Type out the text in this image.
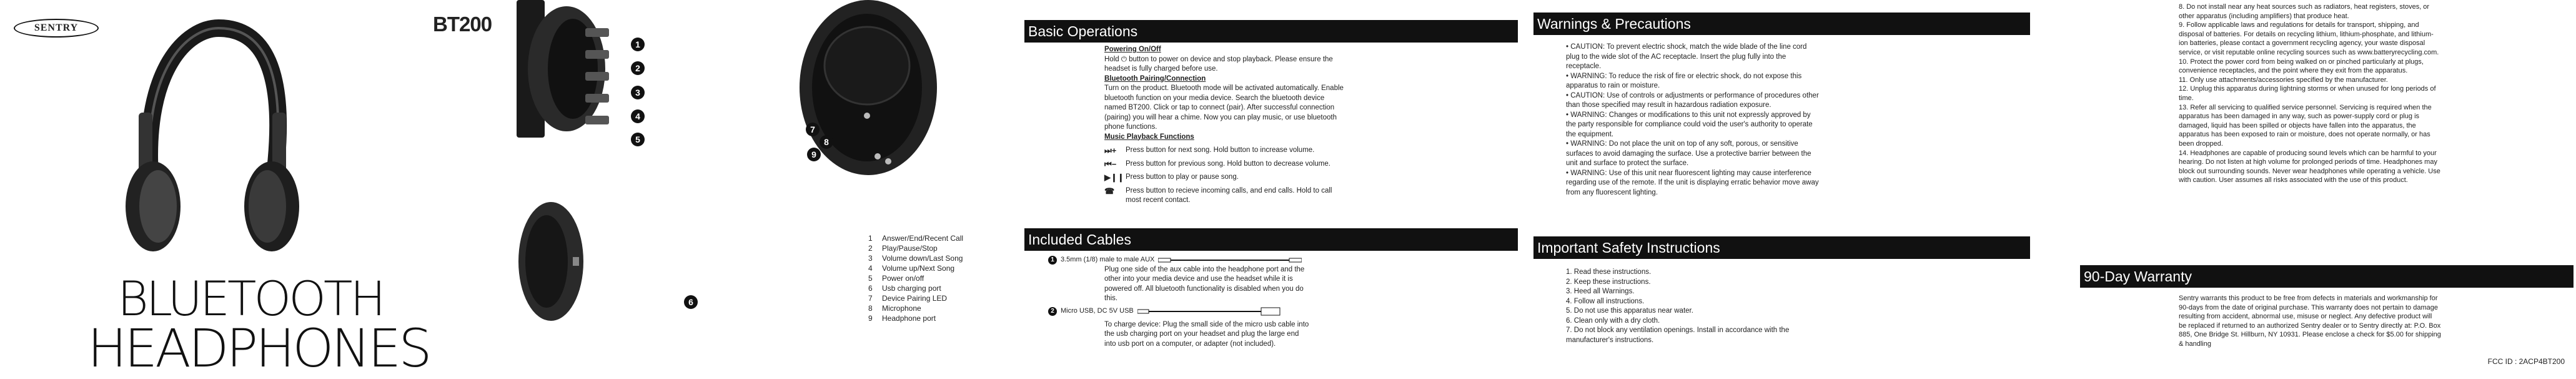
SENTRY	BT200
BLUETOOTH
HEADPHONES
1
2
3
4
5
6
7
8
9
1	Answer/End/Recent Call
2	Play/Pause/Stop
3	Volume down/Last Song
4	Volume up/Next Song
5	Power on/off
6	Usb charging port
7	Device Pairing LED
8	Microphone
9	Headphone port
Basic Operations

Powering On/Off

Hold ⏻ button to power on device and stop playback. Please ensure the headset is fully charged before use.

Bluetooth Pairing/Connection

Turn on the product. Bluetooth mode will be activated automatically. Enable bluetooth function on your media device. Search the bluetooth device named BT200. Click or tap to connect (pair). After successful connection (pairing) you will hear a chime. Now you can play music, or use bluetooth phone functions.

Music Playback Functions

⏭+	Press button for next song. Hold button to increase volume.
⏮−	Press button for previous song. Hold button to decrease volume.
▶❙❙ Press button to play or pause song.
☎	Press button to recieve incoming calls, and end calls. Hold to call most recent contact.
Included Cables
1 3.5mm (1/8) male to male AUX

Plug one side of the aux cable into the headphone port and the other into your media device and use the headset while it is powered off. All bluetooth functionality is disabled when you do this.

2 Micro USB, DC 5V USB

To charge device: Plug the small side of the micro usb cable into the usb charging port on your headset and plug the large end into usb port on a computer, or adapter (not included).

Warnings & Precautions

• CAUTION: To prevent electric shock, match the wide blade of the line cord plug to the wide slot of the AC receptacle. Insert the plug fully into the receptacle.

• WARNING: To reduce the risk of fire or electric shock, do not expose this apparatus to rain or moisture.

• CAUTION: Use of controls or adjustments or performance of procedures other than those specified may result in hazardous radiation exposure.

• WARNING: Changes or modifications to this unit not expressly approved by the party responsible for compliance could void the user's authority to operate the equipment.

• WARNING: Do not place the unit on top of any soft, porous, or sensitive surfaces to avoid damaging the surface. Use a protective barrier between the unit and surface to protect the surface.

• WARNING: Use of this unit near fluorescent lighting may cause interference regarding use of the remote. If the unit is displaying erratic behavior move away from any fluorescent lighting.

Important Safety Instructions

1. Read these instructions.

2. Keep these instructions.

3. Heed all Warnings.

4. Follow all instructions.

5. Do not use this apparatus near water.

6. Clean only with a dry cloth.

7. Do not block any ventilation openings. Install in accordance with the manufacturer's instructions.

8. Do not install near any heat sources such as radiators, heat registers, stoves, or other apparatus (including amplifiers) that produce heat.

9. Follow applicable laws and regulations for details for transport, shipping, and disposal of batteries. For details on recycling lithium, lithium-phosphate, and lithium-ion batteries, please contact a government recycling agency, your waste disposal service, or visit reputable online recycling sources such as www.batteryrecycling.com.

10. Protect the power cord from being walked on or pinched particularly at plugs, convenience receptacles, and the point where they exit from the apparatus.

11. Only use attachments/accessories specified by the manufacturer.

12. Unplug this apparatus during lightning storms or when unused for long periods of time.

13. Refer all servicing to qualified service personnel. Servicing is required when the apparatus has been damaged in any way, such as power-supply cord or plug is damaged, liquid has been spilled or objects have fallen into the apparatus, the apparatus has been exposed to rain or moisture, does not operate normally, or has been dropped.

14. Headphones are capable of producing sound levels which can be harmful to your hearing. Do not listen at high volume for prolonged periods of time. Headphones may block out surrounding sounds. Never wear headphones while operating a vehicle. Use with caution. User assumes all risks associated with the use of this product.

90-Day Warranty
Sentry warrants this product to be free from defects in materials and workmanship for 90-days from the date of original purchase. This warranty does not pertain to damage resulting from accident, abnormal use, misuse or neglect. Any defective product will be replaced if returned to an authorized Sentry dealer or to Sentry directly at: P.O. Box 885, One Bridge St. Hillburn, NY 10931. Please enclose a check for $5.00 for shipping & handling
FCC ID : 2ACP4BT200
